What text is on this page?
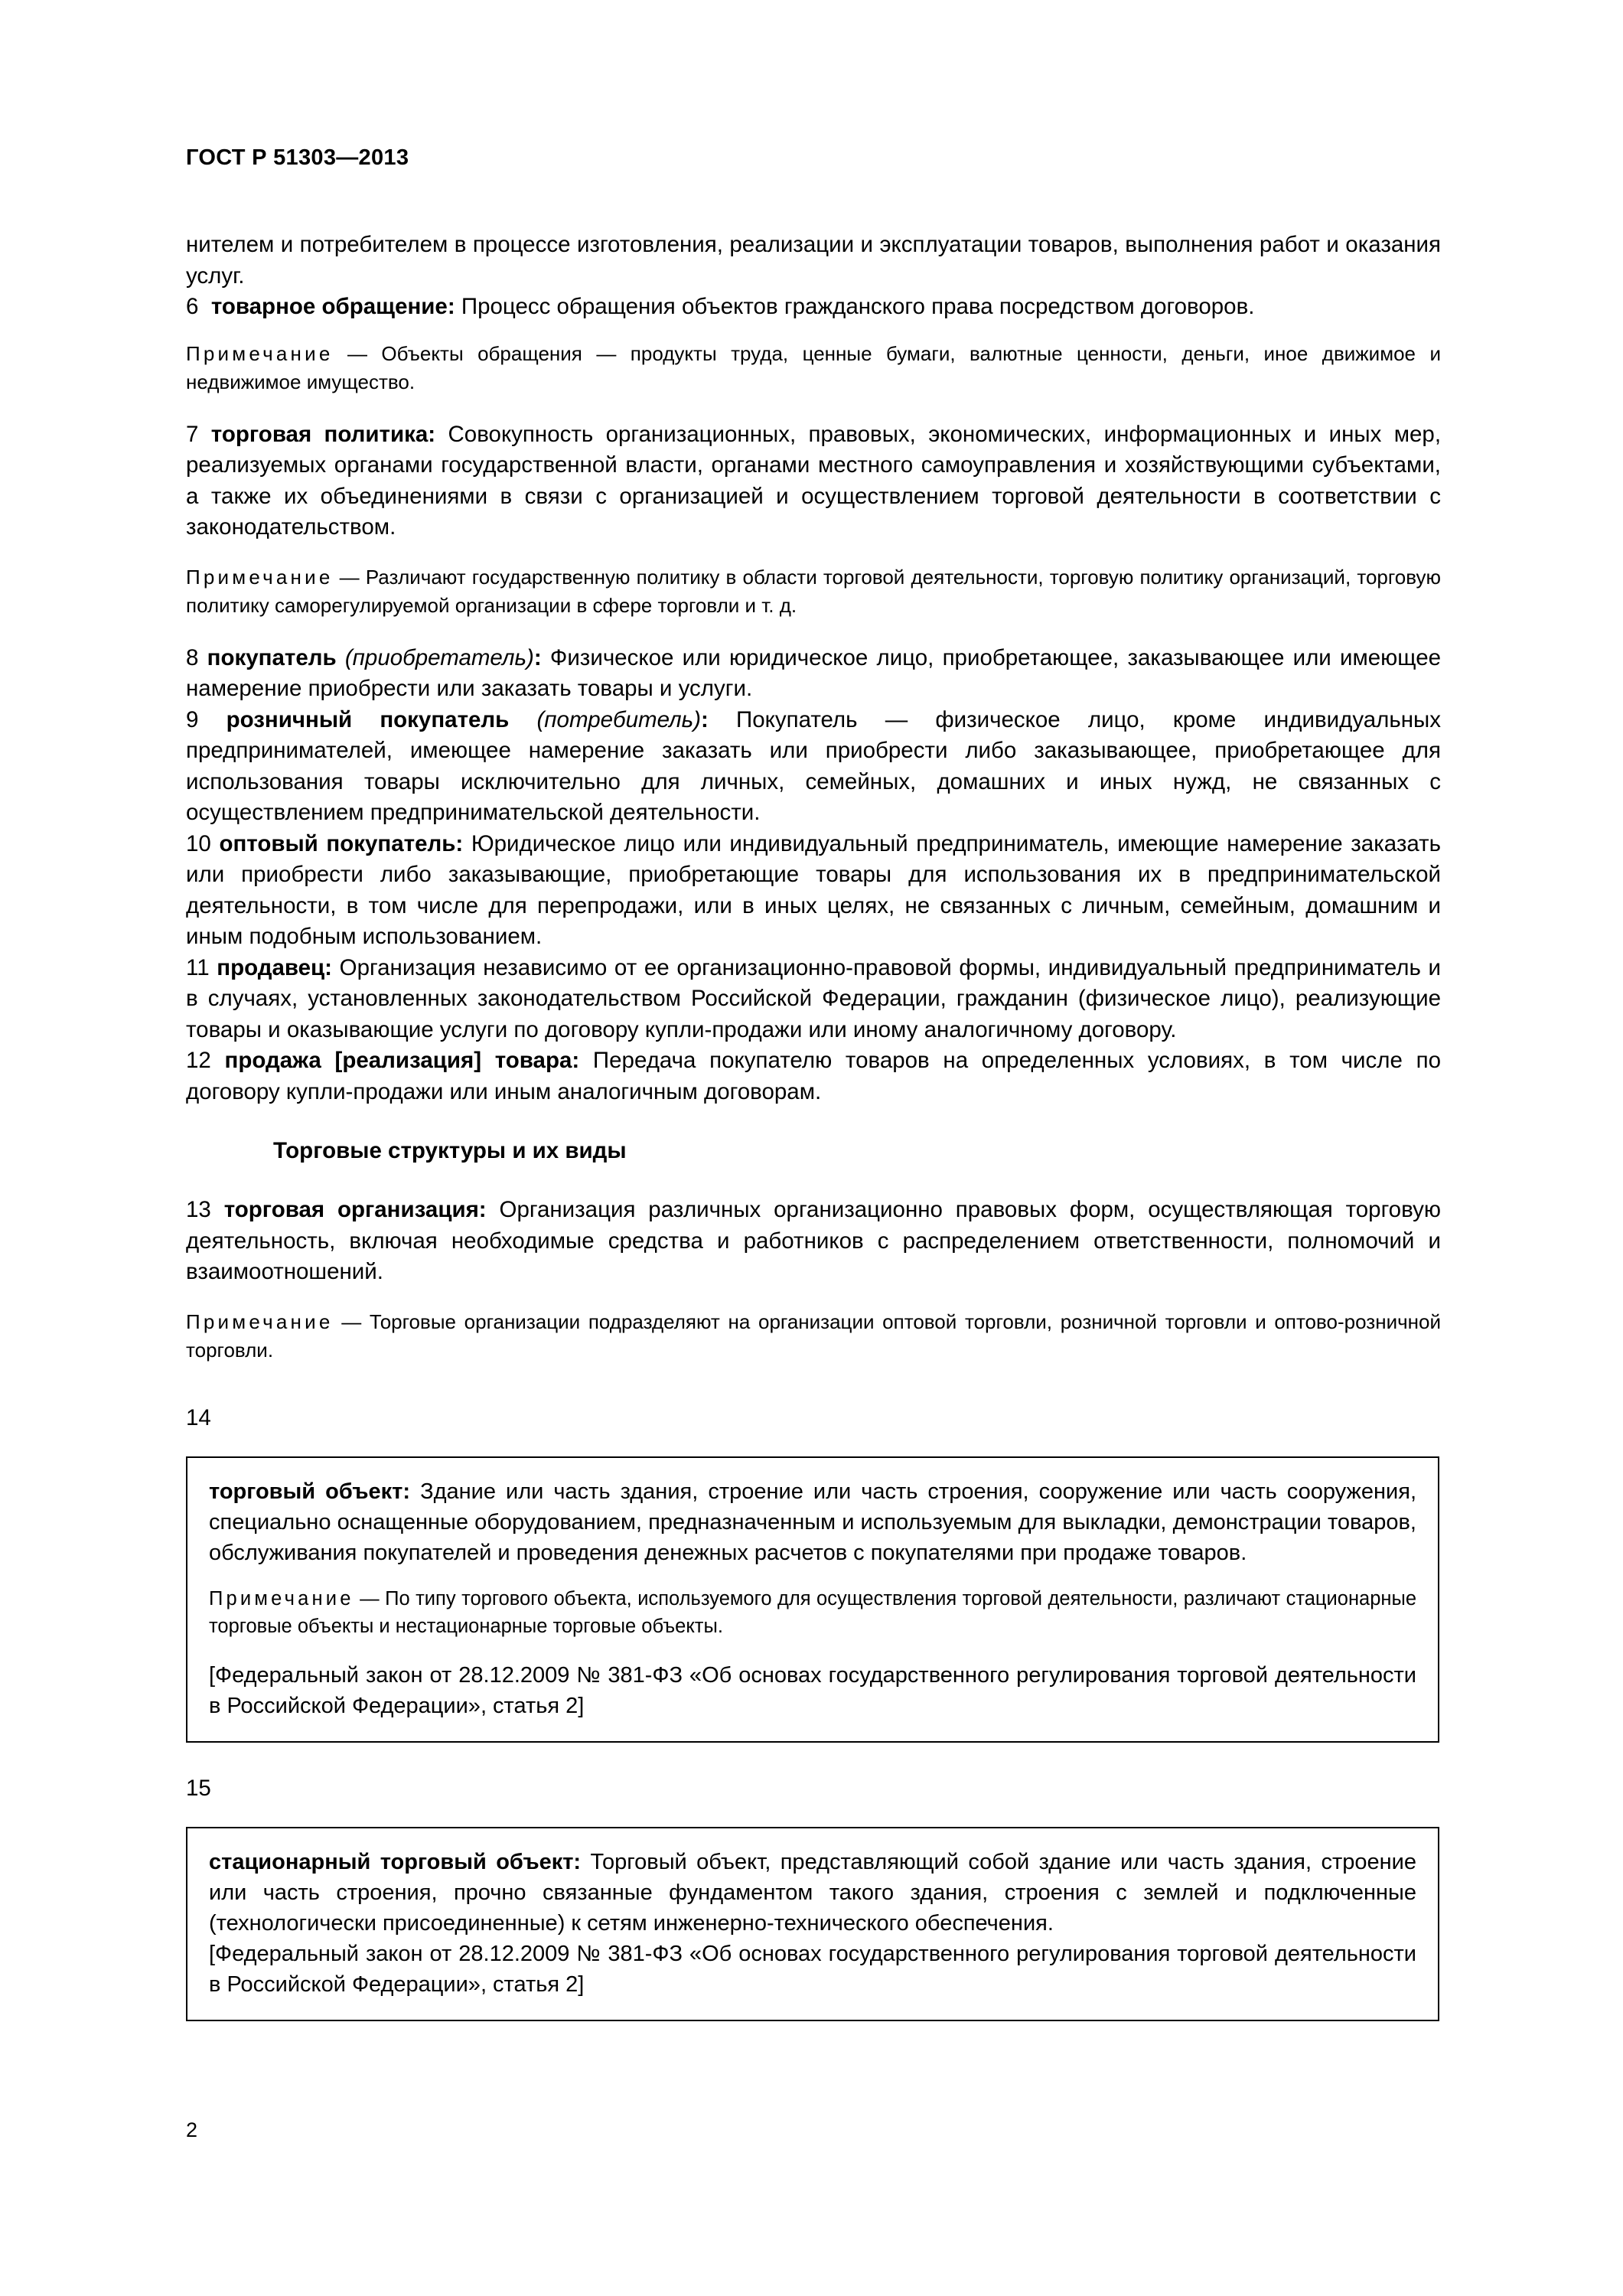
ГОСТ Р 51303—2013

нителем и потребителем в процессе изготовления, реализации и эксплуатации товаров, выполнения работ и оказания услуг.

6 товарное обращение: Процесс обращения объектов гражданского права посредством договоров.

Примечание — Объекты обращения — продукты труда, ценные бумаги, валютные ценности, деньги, иное движимое и недвижимое имущество.

7 торговая политика: Совокупность организационных, правовых, экономических, информационных и иных мер, реализуемых органами государственной власти, органами местного самоуправления и хозяйствующими субъектами, а также их объединениями в связи с организацией и осуществлением торговой деятельности в соответствии с законодательством.

Примечание — Различают государственную политику в области торговой деятельности, торговую политику организаций, торговую политику саморегулируемой организации в сфере торговли и т. д.

8 покупатель (приобретатель): Физическое или юридическое лицо, приобретающее, заказывающее или имеющее намерение приобрести или заказать товары и услуги.

9 розничный покупатель (потребитель): Покупатель — физическое лицо, кроме индивидуальных предпринимателей, имеющее намерение заказать или приобрести либо заказывающее, приобретающее для использования товары исключительно для личных, семейных, домашних и иных нужд, не связанных с осуществлением предпринимательской деятельности.

10 оптовый покупатель: Юридическое лицо или индивидуальный предприниматель, имеющие намерение заказать или приобрести либо заказывающие, приобретающие товары для использования их в предпринимательской деятельности, в том числе для перепродажи, или в иных целях, не связанных с личным, семейным, домашним и иным подобным использованием.

11 продавец: Организация независимо от ее организационно-правовой формы, индивидуальный предприниматель и в случаях, установленных законодательством Российской Федерации, гражданин (физическое лицо), реализующие товары и оказывающие услуги по договору купли-продажи или иному аналогичному договору.

12 продажа [реализация] товара: Передача покупателю товаров на определенных условиях, в том числе по договору купли-продажи или иным аналогичным договорам.

Торговые структуры и их виды

13 торговая организация: Организация различных организационно правовых форм, осуществляющая торговую деятельность, включая необходимые средства и работников с распределением ответственности, полномочий и взаимоотношений.

Примечание — Торговые организации подразделяют на организации оптовой торговли, розничной торговли и оптово-розничной торговли.

14

торговый объект: Здание или часть здания, строение или часть строения, сооружение или часть сооружения, специально оснащенные оборудованием, предназначенным и используемым для выкладки, демонстрации товаров, обслуживания покупателей и проведения денежных расчетов с покупателями при продаже товаров.

Примечание — По типу торгового объекта, используемого для осуществления торговой деятельности, различают стационарные торговые объекты и нестационарные торговые объекты.

[Федеральный закон от 28.12.2009 № 381-ФЗ «Об основах государственного регулирования торговой деятельности в Российской Федерации», статья 2]

15

стационарный торговый объект: Торговый объект, представляющий собой здание или часть здания, строение или часть строения, прочно связанные фундаментом такого здания, строения с землей и подключенные (технологически присоединенные) к сетям инженерно-технического обеспечения.

[Федеральный закон от 28.12.2009 № 381-ФЗ «Об основах государственного регулирования торговой деятельности в Российской Федерации», статья 2]

2
